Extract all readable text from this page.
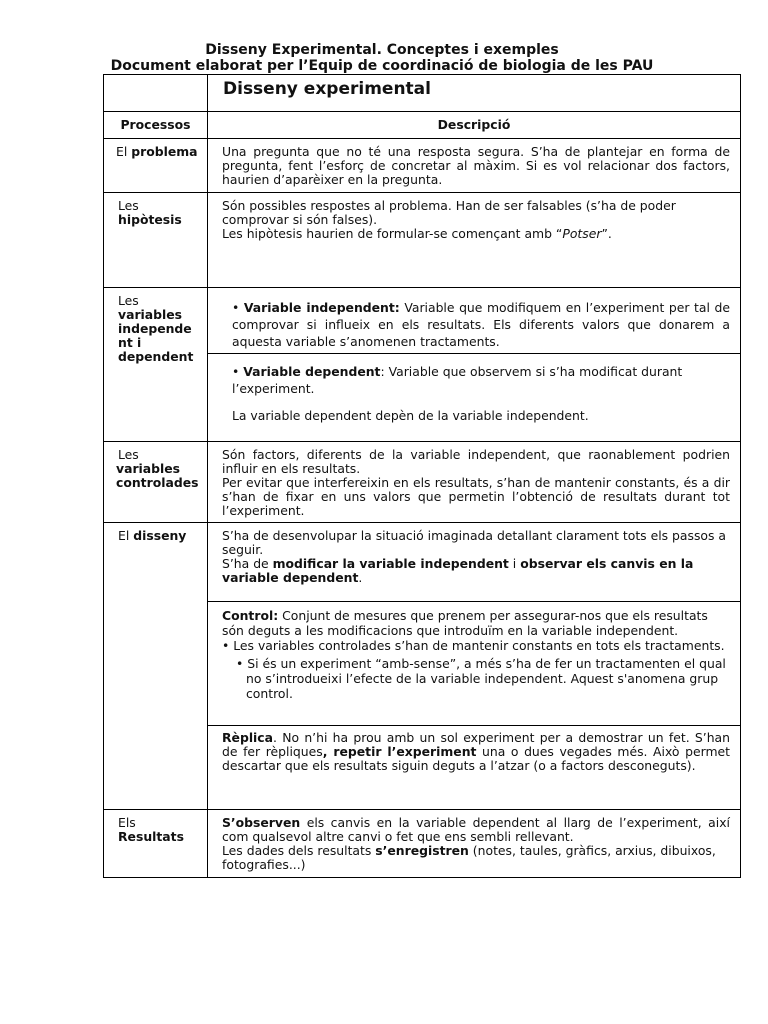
Disseny Experimental. Conceptes i exemples
Document elaborat per l’Equip de coordinació de biologia de les PAU
Disseny experimental
Processos	Descripció
El problema Una pregunta que no té una resposta segura. S’ha de plantejar en forma de pregunta, fent l’esforç de concretar al màxim. Si es vol relacionar dos factors, haurien d’aparèixer en la pregunta.
Les
hipòtesis
Són possibles respostes al problema. Han de ser falsables (s’ha de poder comprovar si són falses).
Les hipòtesis haurien de formular-se començant amb “Potser”.
Les
variables independe nt i dependent
• Variable independent: Variable que modifiquem en l’experiment per tal de comprovar si influeix en els resultats. Els diferents valors que donarem a aquesta variable s’anomenen tractaments.
• Variable dependent: Variable que observem si s’ha modificat durant l’experiment.
La variable dependent depèn de la variable independent.
Les
variables controlades
Són factors, diferents de la variable independent, que raonablement podrien influir en els resultats.
Per evitar que interfereixin en els resultats, s’han de mantenir constants, és a dir s’han de fixar en uns valors que permetin l’obtenció de resultats durant tot l’experiment.
El disseny	S’ha de desenvolupar la situació imaginada detallant clarament tots els passos a seguir.
S’ha de modificar la variable independent i observar els canvis en la variable dependent.
Control: Conjunt de mesures que prenem per assegurar-nos que els resultats són deguts a les modificacions que introduïm en la variable independent.
• Les variables controlades s’han de mantenir constants en tots els tractaments.
• Si és un experiment “amb-sense”, a més s’ha de fer un tractamenten el qual no s’introdueixi l’efecte de la variable independent. Aquest s'anomena grup control.
Rèplica. No n’hi ha prou amb un sol experiment per a demostrar un fet. S’han de fer rèpliques, repetir l’experiment una o dues vegades més. Això permet descartar que els resultats siguin deguts a l’atzar (o a factors desconeguts).
Els
Resultats
S’observen els canvis en la variable dependent al llarg de l’experiment, així com qualsevol altre canvi o fet que ens sembli rellevant.
Les dades dels resultats s’enregistren (notes, taules, gràfics, arxius, dibuixos, fotografies...)
